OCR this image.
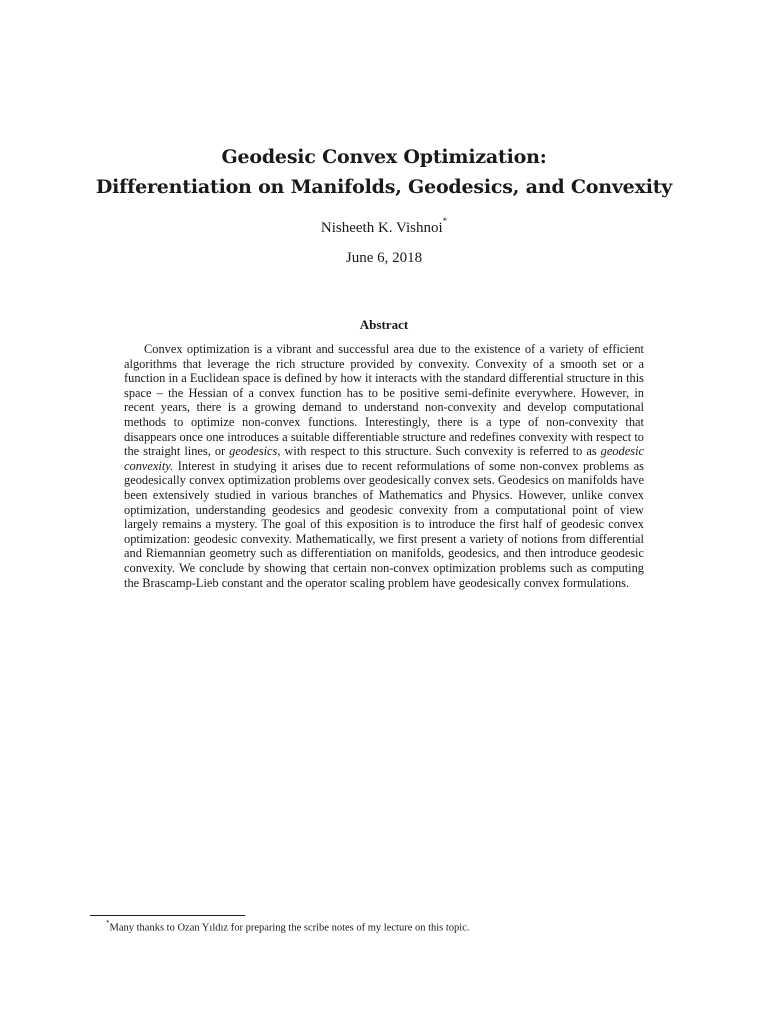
Geodesic Convex Optimization:
Differentiation on Manifolds, Geodesics, and Convexity
Nisheeth K. Vishnoi*
June 6, 2018
Abstract

Convex optimization is a vibrant and successful area due to the existence of a variety of efficient algorithms that leverage the rich structure provided by convexity. Convexity of a smooth set or a function in a Euclidean space is defined by how it interacts with the standard differential structure in this space – the Hessian of a convex function has to be positive semi-definite everywhere. However, in recent years, there is a growing demand to understand non-convexity and develop computational methods to optimize non-convex functions. Interestingly, there is a type of non-convexity that disappears once one introduces a suitable differentiable structure and redefines convexity with respect to the straight lines, or geodesics, with respect to this structure. Such convexity is referred to as geodesic convexity. Interest in studying it arises due to recent reformulations of some non-convex problems as geodesically convex optimization problems over geodesically convex sets. Geodesics on manifolds have been extensively studied in various branches of Mathematics and Physics. However, unlike convex optimization, understanding geodesics and geodesic convexity from a computational point of view largely remains a mystery. The goal of this exposition is to introduce the first half of geodesic convex optimization: geodesic convexity. Mathematically, we first present a variety of notions from differential and Riemannian geometry such as differentiation on manifolds, geodesics, and then introduce geodesic convexity. We conclude by showing that certain non-convex optimization problems such as computing the Brascamp-Lieb constant and the operator scaling problem have geodesically convex formulations.

*Many thanks to Ozan Yıldız for preparing the scribe notes of my lecture on this topic.
